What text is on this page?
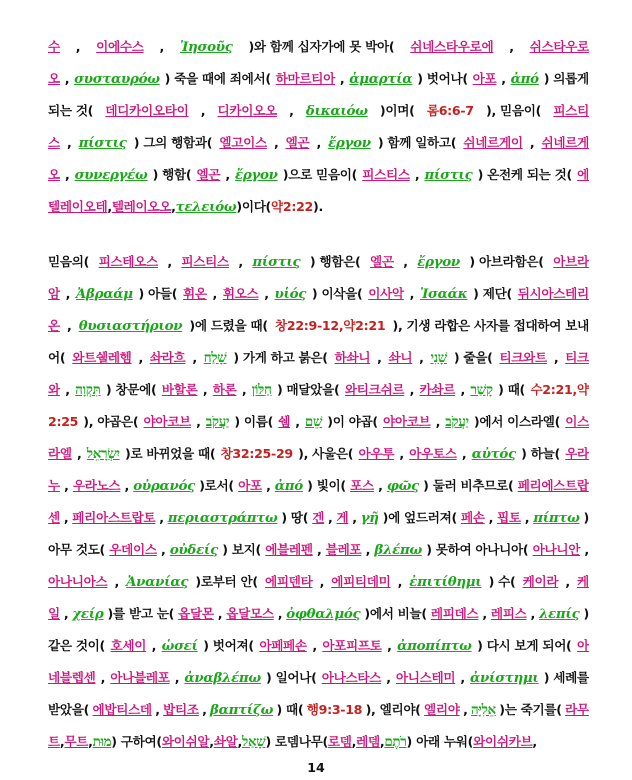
수 , 이에수스 , Ἰησοῦς )와 함께 십자가에 못 박아( 쉬네스타우로에 , 쉬스타우로
오 , συσταυρόω ) 죽을 때에 죄에서( 하마르티아 , ἁμαρτία ) 벗어나( 아포 , ἀπό ) 의롭게
되는 것( 데디카이오타이 , 디카이오오 , δικαιόω )이며( 롬6:6-7 ), 믿음이( 피스티
스 , πίστις ) 그의 행함과( 엘고이스 , 엘곤 , ἔργον ) 함께 일하고( 쉬네르게이 , 쉬네르게
오 , συνεργέω ) 행함( 엘곤 , ἔργον )으로 믿음이( 피스티스 , πίστις ) 온전케 되는 것( 에
텔레이오테 , 텔레이오오 , τελειόω )이다( 약2:22 ).
믿음의( 피스테오스 , 피스티스 , πίστις ) 행함은( 엘곤 , ἔργον ) 아브라함은( 아브라
암 , Ἀβραάμ ) 아들( 휘온 , 휘오스 , υἱός ) 이삭을( 이사악 , Ἰσαάκ ) 제단( 뒤시아스테리
온 , θυσιαστήριον )에 드렸을 때( 창22:9-12,약2:21 ), 기생 라합은 사자를 접대하여 보내
어( 와트쉘레헴 , 솨라흐 , שָׁלַח ) 가게 하고 붉은( 하솨니 , 솨니 , שָׁנִי ) 줄을( 티크와트 , 티크
와 , תִּקְוָה ) 창문에( 바할론 , 하론 , חַלּוֹן ) 매달았을( 와티크쉬르 , 카솨르 , קָשַׁר ) 때( 수2:21,약
2:25 ), 야곱은( 야아코브 , יַעֲקֹב ) 이름( 쉠 , שֵׁם )이 야곱( 야아코브 , יַעֲקֹב )에서 이스라엘( 이스
라엘 , יִשְׂרָאֵל )로 바뀌었을 때( 창32:25-29 ), 사울은( 아우투 , 아우토스 , αὐτός ) 하늘( 우라
누 , 우라노스 , οὐρανός )로서( 아포 , ἀπό ) 빛이( 포스 , φῶς ) 둘러 비추므로( 페리에스트랍
센 , 페리아스트랍토 , περιαστράπτω ) 땅( 겐 , 게 , γῆ )에 엎드러져( 페손 , 핍토 , πίπτω )
아무 것도( 우데이스 , οὐδείς ) 보지( 에블레펜 , 블레포 , βλέπω ) 못하여 아나니아( 아나니안 ,
아나니아스 , Ἀνανίας )로부터 안( 에피덴타 , 에피티데미 , ἐπιτίθημι ) 수( 케이라 , 케
일 , χείρ )를 받고 눈( 옵달몬 , 옵달모스 , ὀφθαλμός )에서 비늘( 레피데스 , 레피스 , λεπίς )
같은 것이( 호세이 , ὡσεί ) 벗어져( 아페페손 , 아포피프토 , ἀποπίπτω ) 다시 보게 되어( 아
네블렙센 , 아나블레포 , ἀναβλέπω ) 일어나( 아나스타스 , 아니스테미 , ἀνίστημι ) 세례를
받았을( 에밥티스데 , 밥티조 , βαπτίζω ) 때( 행9:3-18 ), 엘리야( 엘리야 , אֵלִיָּה )는 죽기를( 라무
트 , 무트 , מוּת ) 구하여( 와이쉬알 , 솨알 , שָׁאַל ) 로뎀나무( 로뎀 , 레뎀 , רֹתֶם ) 아래 누워( 와이쉬카브 ,
14
